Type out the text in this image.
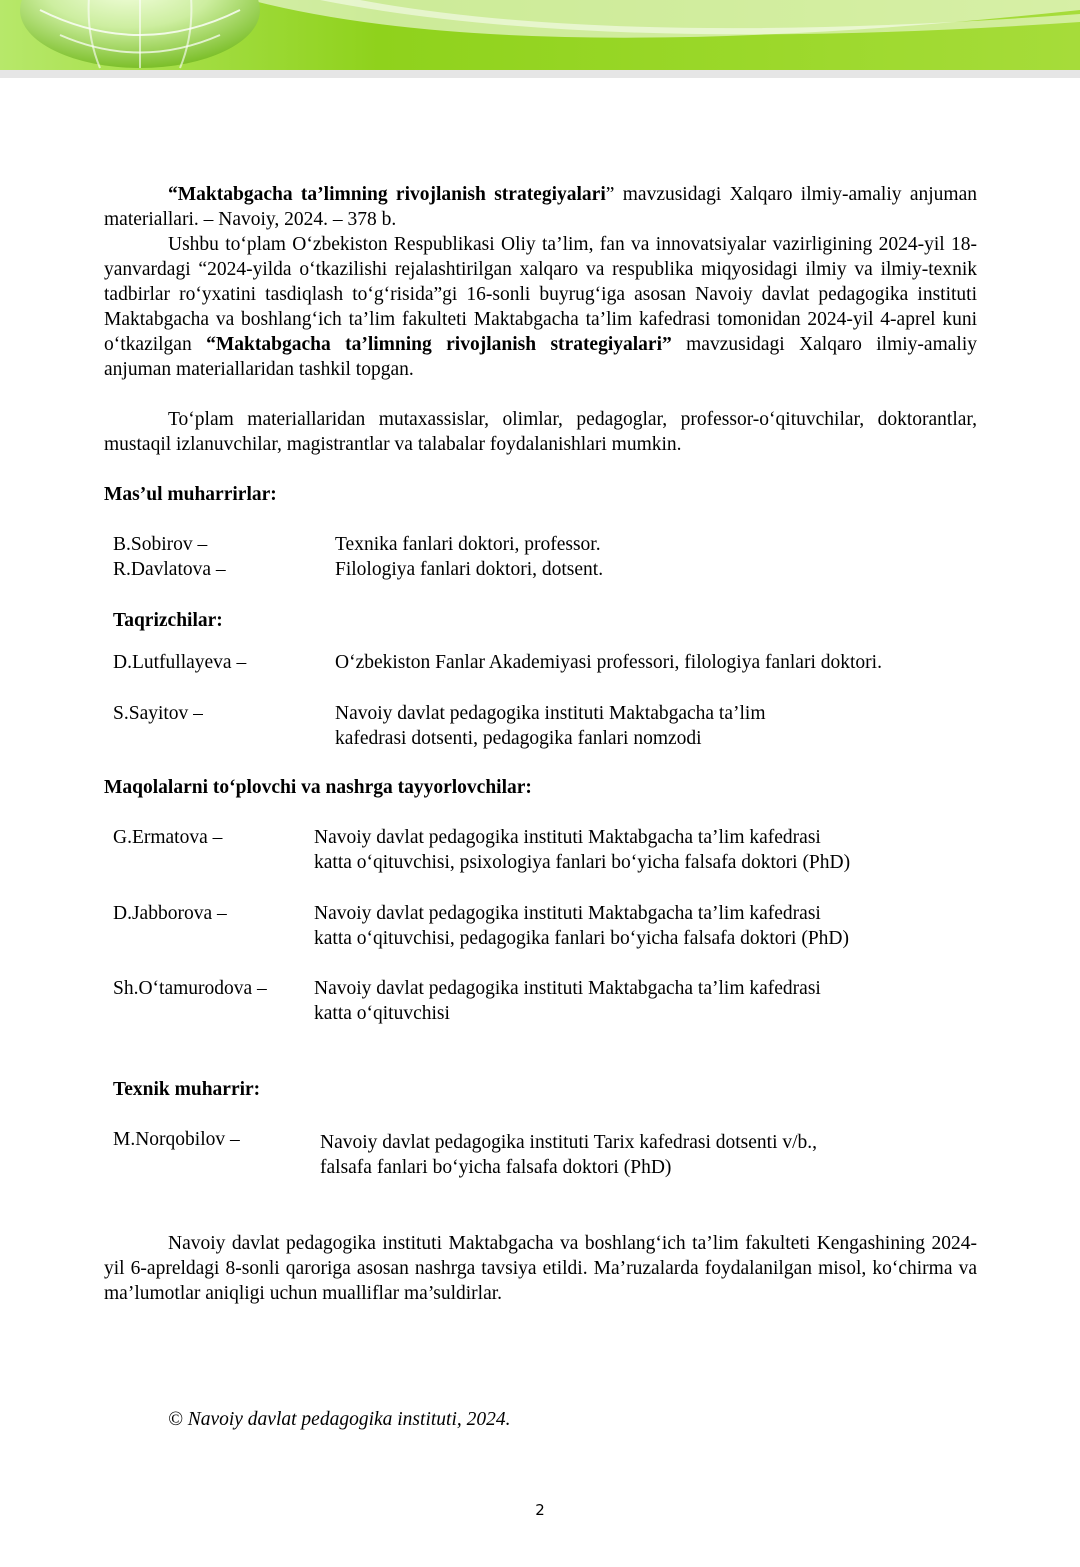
“Maktabgacha ta’limning rivojlanish strategiyalari” mavzusidagi Xalqaro ilmiy-amaliy anjuman materiallari. – Navoiy, 2024. – 378 b.
Ushbu to‘plam O‘zbekiston Respublikasi Oliy ta’lim, fan va innovatsiyalar vazirligining 2024-yil 18-yanvardagi “2024-yilda o‘tkazilishi rejalashtirilgan xalqaro va respublika miqyosidagi ilmiy va ilmiy-texnik tadbirlar ro‘yxatini tasdiqlash to‘g‘risida”gi 16-sonli buyrug‘iga asosan Navoiy davlat pedagogika instituti Maktabgacha va boshlang‘ich ta’lim fakulteti Maktabgacha ta’lim kafedrasi tomonidan 2024-yil 4-aprel kuni o‘tkazilgan “Maktabgacha ta’limning rivojlanish strategiyalari” mavzusidagi Xalqaro ilmiy-amaliy anjuman materiallaridan tashkil topgan.
To‘plam materiallaridan mutaxassislar, olimlar, pedagoglar, professor-o‘qituvchilar, doktorantlar, mustaqil izlanuvchilar, magistrantlar va talabalar foydalanishlari mumkin.
Mas’ul muharrirlar:
B.Sobirov –	Texnika fanlari doktori, professor.
R.Davlatova –	Filologiya fanlari doktori, dotsent.
Taqrizchilar:
D.Lutfullayeva –	O‘zbekiston Fanlar Akademiyasi professori, filologiya fanlari doktori.
S.Sayitov –	Navoiy davlat pedagogika instituti Maktabgacha ta’lim
kafedrasi dotsenti, pedagogika fanlari nomzodi
Maqolalarni to‘plovchi va nashrga tayyorlovchilar:
G.Ermatova –	Navoiy davlat pedagogika instituti Maktabgacha ta’lim kafedrasi
katta o‘qituvchisi, psixologiya fanlari bo‘yicha falsafa doktori (PhD)
D.Jabborova –	Navoiy davlat pedagogika instituti Maktabgacha ta’lim kafedrasi
katta o‘qituvchisi, pedagogika fanlari bo‘yicha falsafa doktori (PhD)
Sh.O‘tamurodova – Navoiy davlat pedagogika instituti Maktabgacha ta’lim kafedrasi
katta o‘qituvchisi
Texnik muharrir:
M.Norqobilov –	Navoiy davlat pedagogika instituti Tarix kafedrasi dotsenti v/b.,
falsafa fanlari bo‘yicha falsafa doktori (PhD)
Navoiy davlat pedagogika instituti Maktabgacha va boshlang‘ich ta’lim fakulteti Kengashining 2024-yil 6-apreldagi 8-sonli qaroriga asosan nashrga tavsiya etildi. Ma’ruzalarda foydalanilgan misol, ko‘chirma va ma’lumotlar aniqligi uchun mualliflar ma’suldirlar.
© Navoiy davlat pedagogika instituti, 2024.
2
